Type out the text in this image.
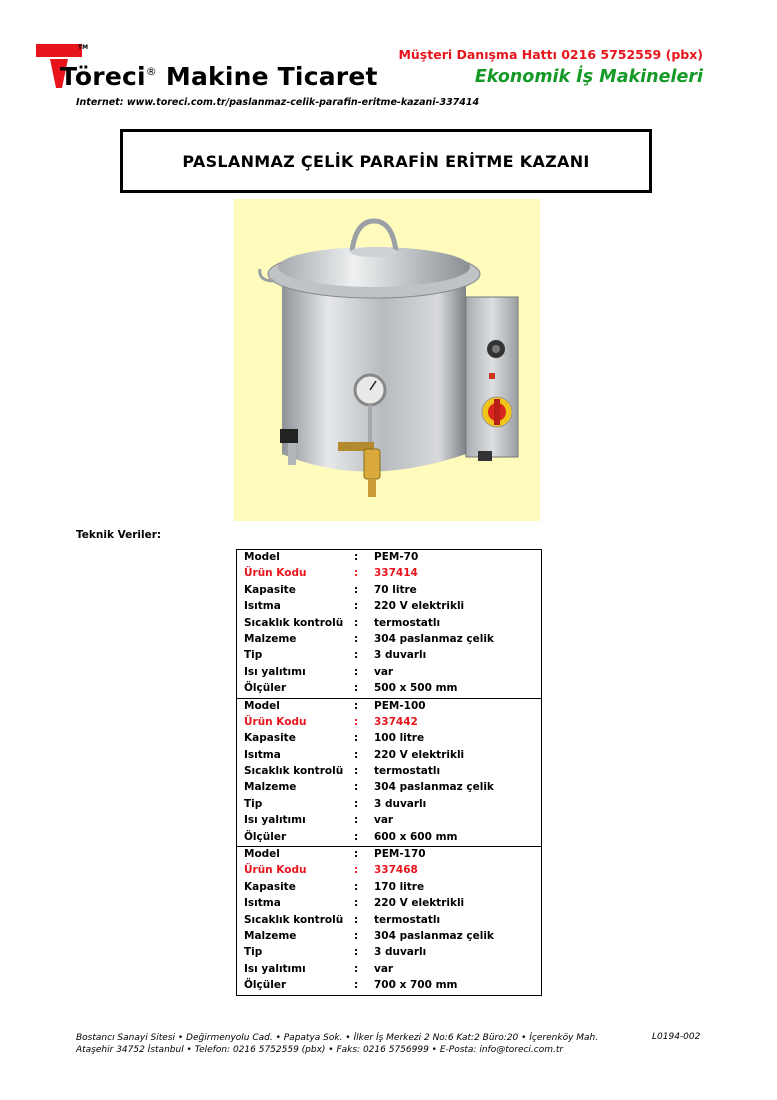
TM
Töreci® Makine Ticaret
Müşteri Danışma Hattı 0216 5752559 (pbx)
Ekonomik İş Makineleri
Internet: www.toreci.com.tr/paslanmaz-celik-parafin-eritme-kazani-337414
PASLANMAZ ÇELİK PARAFİN ERİTME KAZANI
Teknik Veriler:
Model	:	PEM-70
Ürün Kodu	:	337414
Kapasite	:	70 litre
Isıtma	:	220 V elektrikli
Sıcaklık kontrolü	:	termostatlı
Malzeme	:	304 paslanmaz çelik
Tip	:	3 duvarlı
Isı yalıtımı	:	var
Ölçüler	:	500 x 500 mm
Model	:	PEM-100
Ürün Kodu	:	337442
Kapasite	:	100 litre
Isıtma	:	220 V elektrikli
Sıcaklık kontrolü	:	termostatlı
Malzeme	:	304 paslanmaz çelik
Tip	:	3 duvarlı
Isı yalıtımı	:	var
Ölçüler	:	600 x 600 mm
Model	:	PEM-170
Ürün Kodu	:	337468
Kapasite	:	170 litre
Isıtma	:	220 V elektrikli
Sıcaklık kontrolü	:	termostatlı
Malzeme	:	304 paslanmaz çelik
Tip	:	3 duvarlı
Isı yalıtımı	:	var
Ölçüler	:	700 x 700 mm
Bostancı Sanayi Sitesi • Değirmenyolu Cad. • Papatya Sok. • İlker İş Merkezi 2 No:6 Kat:2 Büro:20 • İçerenköy Mah.
Ataşehir 34752 İstanbul • Telefon: 0216 5752559 (pbx) • Faks: 0216 5756999 • E-Posta: info@toreci.com.tr
L0194-002
